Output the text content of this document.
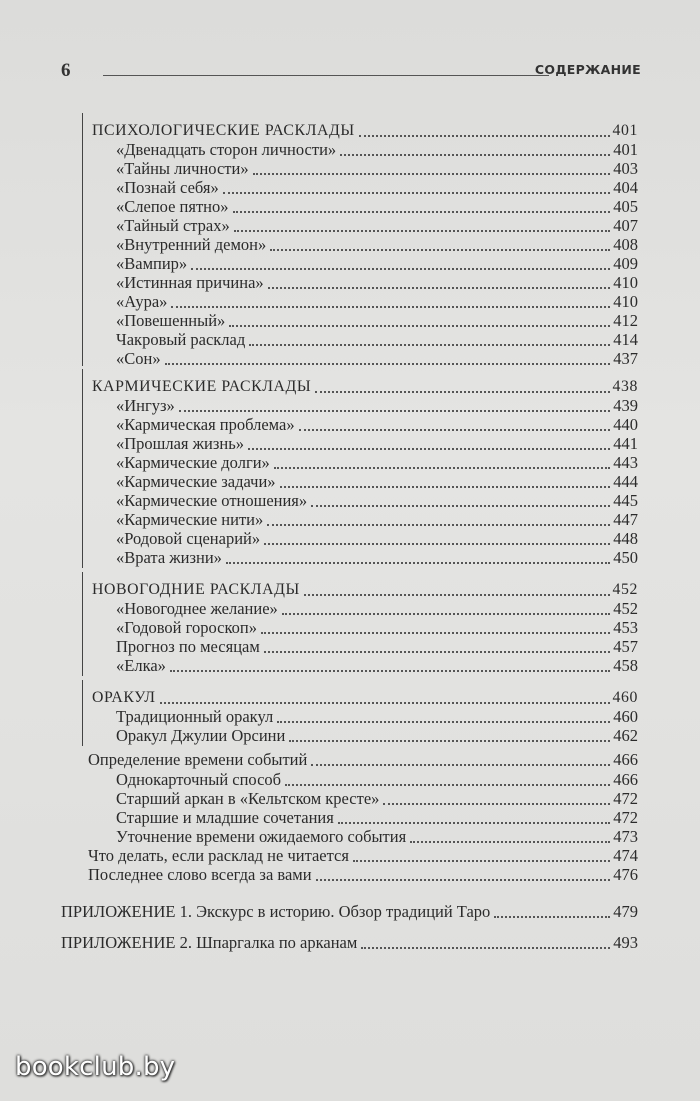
6	СОДЕРЖАНИЕ
ПСИХОЛОГИЧЕСКИЕ РАСКЛАДЫ	401
«Двенадцать сторон личности»	401
«Тайны личности»	403
«Познай себя»	404
«Слепое пятно»	405
«Тайный страх»	407
«Внутренний демон»	408
«Вампир»	409
«Истинная причина»	410
«Аура»	410
«Повешенный»	412
Чакровый расклад	414
«Сон»	437
КАРМИЧЕСКИЕ РАСКЛАДЫ	438
«Ингуз»	439
«Кармическая проблема»	440
«Прошлая жизнь»	441
«Кармические долги»	443
«Кармические задачи»	444
«Кармические отношения»	445
«Кармические нити»	447
«Родовой сценарий»	448
«Врата жизни»	450
НОВОГОДНИЕ РАСКЛАДЫ	452
«Новогоднее желание»	452
«Годовой гороскоп»	453
Прогноз по месяцам	457
«Елка»	458
ОРАКУЛ	460
Традиционный оракул	460
Оракул Джулии Орсини	462
Определение времени событий	466
Однокарточный способ	466
Старший аркан в «Кельтском кресте»	472
Старшие и младшие сочетания	472
Уточнение времени ожидаемого события	473
Что делать, если расклад не читается	474
Последнее слово всегда за вами	476
ПРИЛОЖЕНИЕ 1. Экскурс в историю. Обзор традиций Таро	479
ПРИЛОЖЕНИЕ 2. Шпаргалка по арканам	493
bookclub.by
